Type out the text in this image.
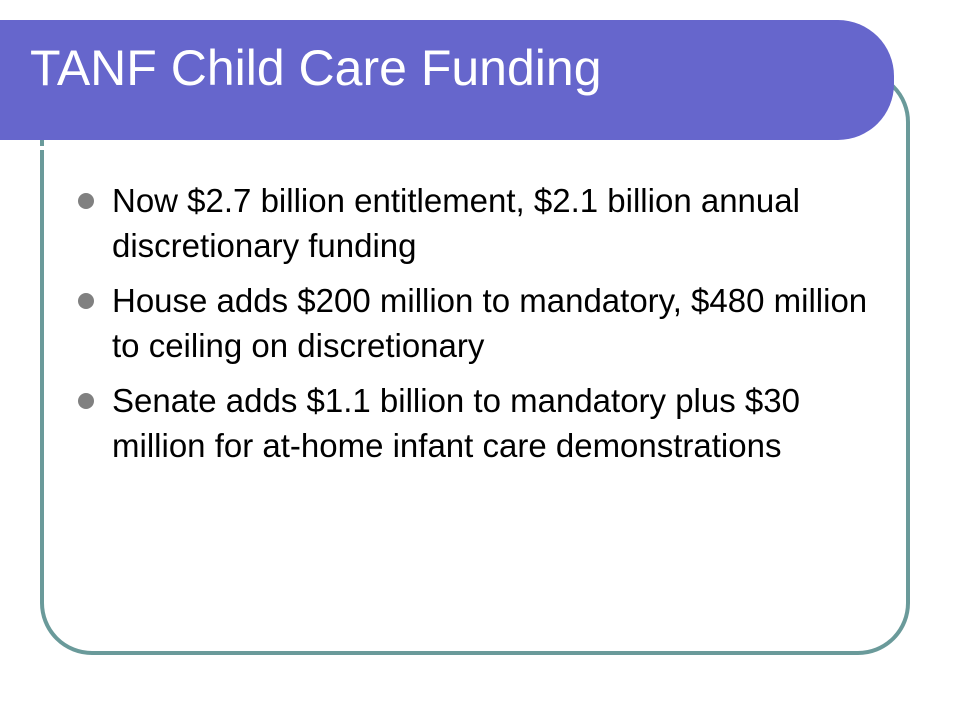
TANF Child Care Funding
Now $2.7 billion entitlement, $2.1 billion annual discretionary funding
House adds $200 million to mandatory, $480 million to ceiling on discretionary
Senate adds $1.1 billion to mandatory plus $30 million for at-home infant care demonstrations
